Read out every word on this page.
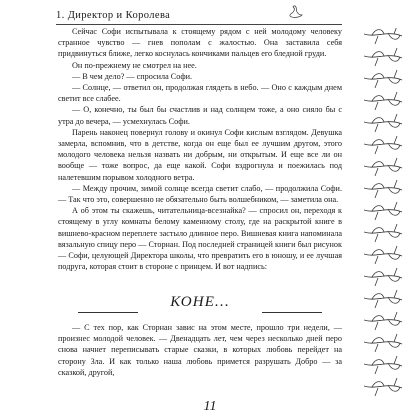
1. Директор и Королева

Сейчас Софи испытывала к стоящему рядом с ней молодому человеку странное чувство — гнев пополам с жалостью. Она заставила себя придвинуться ближе, легко коснулась кончиками пальцев его бледной груди.

Он по-прежнему не смотрел на нее.

— В чем дело? — спросила Софи.

— Солнце, — ответил он, продолжая глядеть в небо. — Оно с каждым днем светит все слабее.

— О, конечно, ты был бы счастлив и над солнцем тоже, а оно сияло бы с утра до вечера, — усмехнулась Софи.

Парень наконец повернул голову и окинул Софи кислым взглядом. Девушка замерла, вспомнив, что в детстве, когда он еще был ее лучшим другом, этого молодого человека нельзя назвать ни добрым, ни открытым. И еще все ли он вообще — тоже вопрос, да еще какой. Софи вздрогнула и поежилась под налетевшим порывом холодного ветра.

— Между прочим, зимой солнце всегда светит слабо, — продолжила Софи. — Так что это, совершенно не обязательно быть волшебником, — заметила она.

А об этом ты скажешь, читательница-всезнайка? — спросил он, переходя к стоящему в углу комнаты белому каменному столу, где на раскрытой книге в вишнево-красном переплете застыло длинное перо. Вишневая книга напоминала вязальную спицу перо — Сторнан. Под последней страницей книги был рисунок — Софи, целующей Директора школы, что превратить его в юношу, и ее лучшая подруга, которая стоит в стороне с принцем. И вот надпись:

КОНЕ…

— С тех пор, как Сторнан завис на этом месте, прошло три недели, — произнес молодой человек. — Двенадцать лет, чем через несколько дней перо снова начнет переписывать старые сказки, в которых любовь перейдет на сторону Зла. И как только наша любовь примется разрушать Добро — за сказкой, другой,

11
